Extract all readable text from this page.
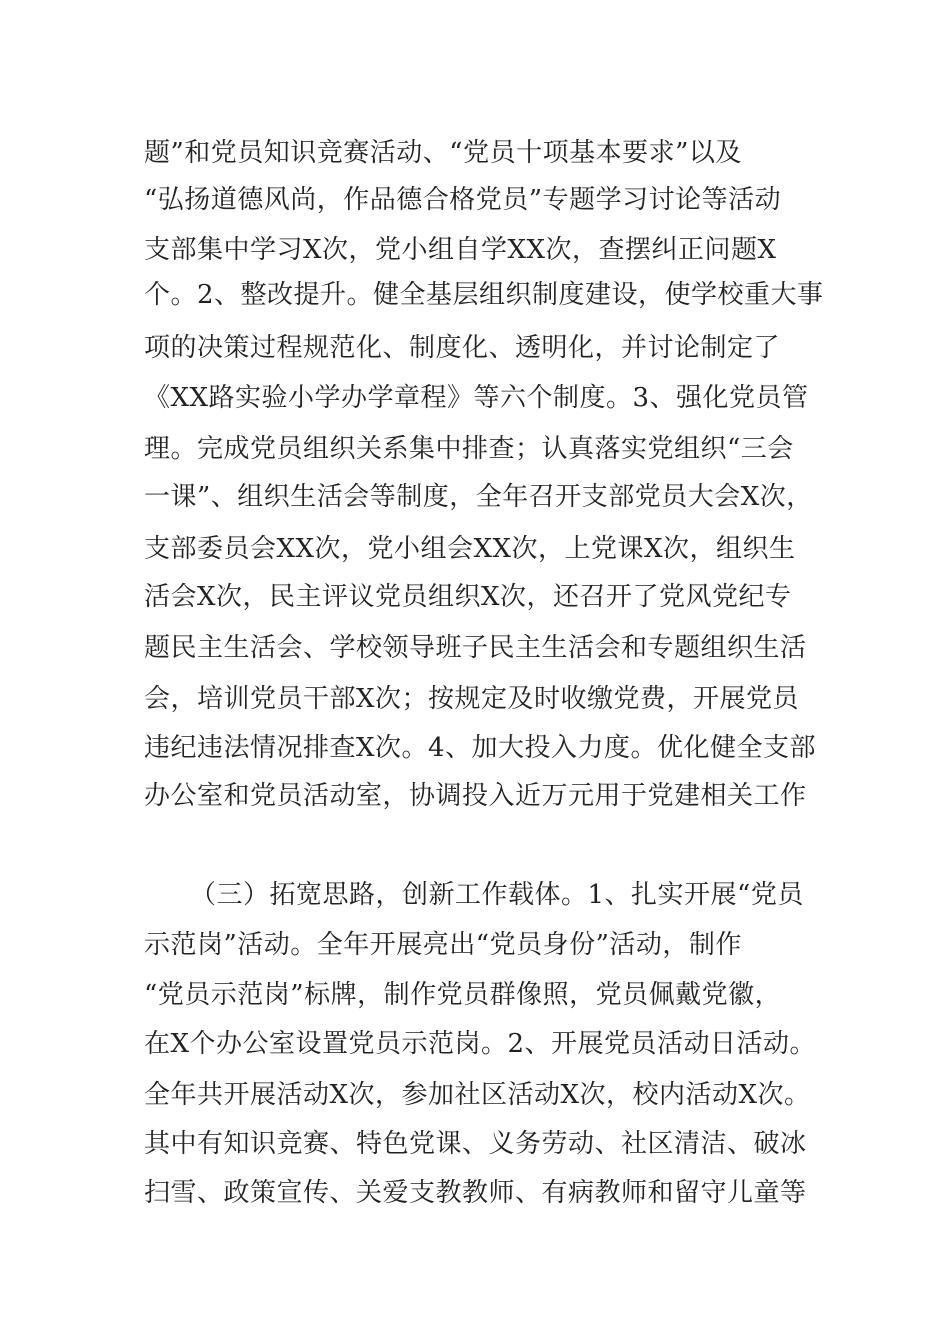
题”和党员知识竞赛活动、“党员十项基本要求”以及
“弘扬道德风尚，作品德合格党员”专题学习讨论等活动
支部集中学习X次，党小组自学XX次，查摆纠正问题X
个。2、整改提升。健全基层组织制度建设，使学校重大事
项的决策过程规范化、制度化、透明化，并讨论制定了
《XX路实验小学办学章程》等六个制度。3、强化党员管
理。完成党员组织关系集中排查；认真落实党组织“三会
一课”、组织生活会等制度，全年召开支部党员大会X次，
支部委员会XX次，党小组会XX次，上党课X次，组织生
活会X次，民主评议党员组织X次，还召开了党风党纪专
题民主生活会、学校领导班子民主生活会和专题组织生活
会，培训党员干部X次；按规定及时收缴党费，开展党员
违纪违法情况排查X次。4、加大投入力度。优化健全支部
办公室和党员活动室，协调投入近万元用于党建相关工作
（三）拓宽思路，创新工作载体。1、扎实开展“党员
示范岗”活动。全年开展亮出“党员身份”活动，制作
“党员示范岗”标牌，制作党员群像照，党员佩戴党徽，
在X个办公室设置党员示范岗。2、开展党员活动日活动。
全年共开展活动X次，参加社区活动X次，校内活动X次。
其中有知识竞赛、特色党课、义务劳动、社区清洁、破冰
扫雪、政策宣传、关爱支教教师、有病教师和留守儿童等
